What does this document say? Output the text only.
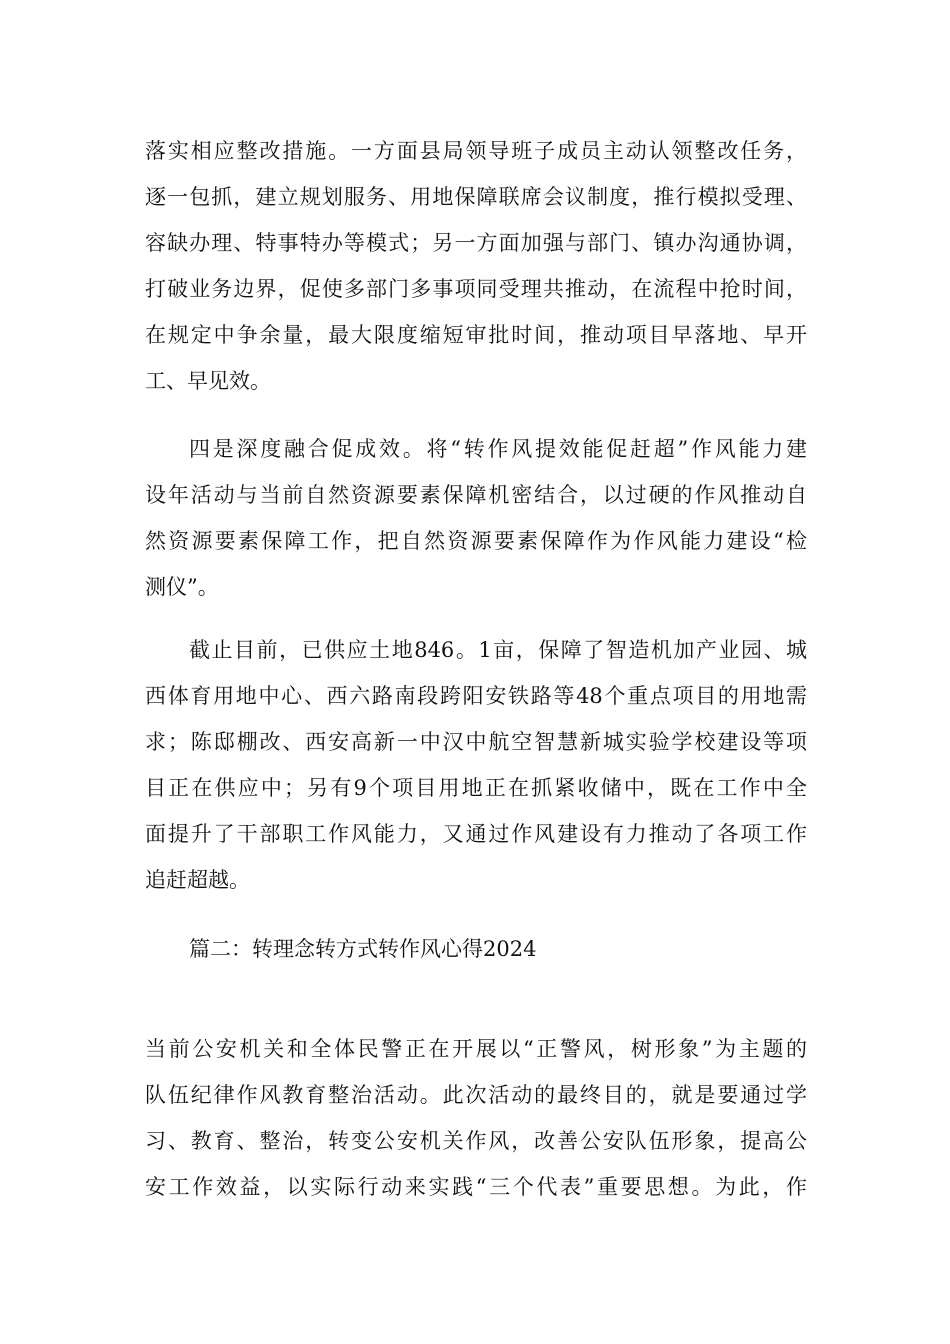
落实相应整改措施。一方面县局领导班子成员主动认领整改任务，
逐一包抓，建立规划服务、用地保障联席会议制度，推行模拟受理、
容缺办理、特事特办等模式；另一方面加强与部门、镇办沟通协调，
打破业务边界，促使多部门多事项同受理共推动，在流程中抢时间，
在规定中争余量，最大限度缩短审批时间，推动项目早落地、早开
工、早见效。
四是深度融合促成效。将“转作风提效能促赶超”作风能力建
设年活动与当前自然资源要素保障机密结合，以过硬的作风推动自
然资源要素保障工作，把自然资源要素保障作为作风能力建设“检
测仪”。
截止目前，已供应土地846。1亩，保障了智造机加产业园、城
西体育用地中心、西六路南段跨阳安铁路等48个重点项目的用地需
求；陈邸棚改、西安高新一中汉中航空智慧新城实验学校建设等项
目正在供应中；另有9个项目用地正在抓紧收储中，既在工作中全
面提升了干部职工作风能力，又通过作风建设有力推动了各项工作
追赶超越。
篇二：转理念转方式转作风心得2024
当前公安机关和全体民警正在开展以“正警风，树形象”为主题的
队伍纪律作风教育整治活动。此次活动的最终目的，就是要通过学
习、教育、整治，转变公安机关作风，改善公安队伍形象，提高公
安工作效益，以实际行动来实践“三个代表”重要思想。为此，作
